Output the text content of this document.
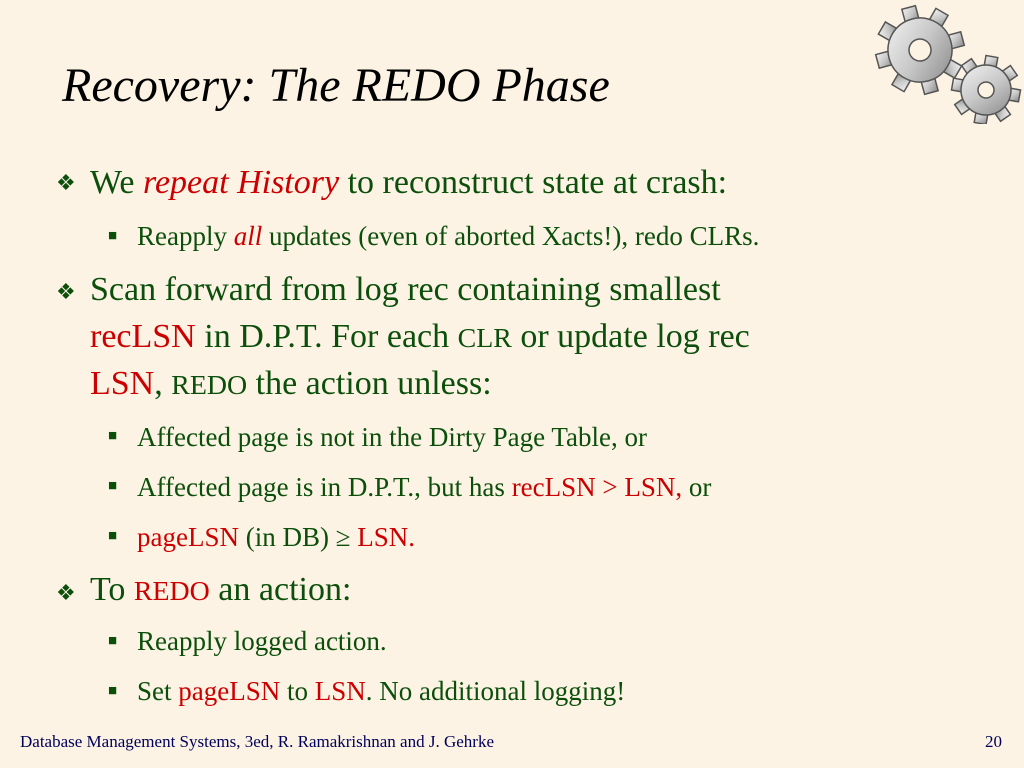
Recovery: The REDO Phase
❖ We repeat History to reconstruct state at crash:
■ Reapply all updates (even of aborted Xacts!), redo CLRs.
❖ Scan forward from log rec containing smallest
recLSN in D.P.T. For each CLR or update log rec
LSN, REDO the action unless:
■ Affected page is not in the Dirty Page Table, or
■ Affected page is in D.P.T., but has recLSN > LSN, or
■ pageLSN (in DB) ≥ LSN.
❖ To REDO an action:
■ Reapply logged action.
■ Set pageLSN to LSN. No additional logging!
Database Management Systems, 3ed, R. Ramakrishnan and J. Gehrke	20
